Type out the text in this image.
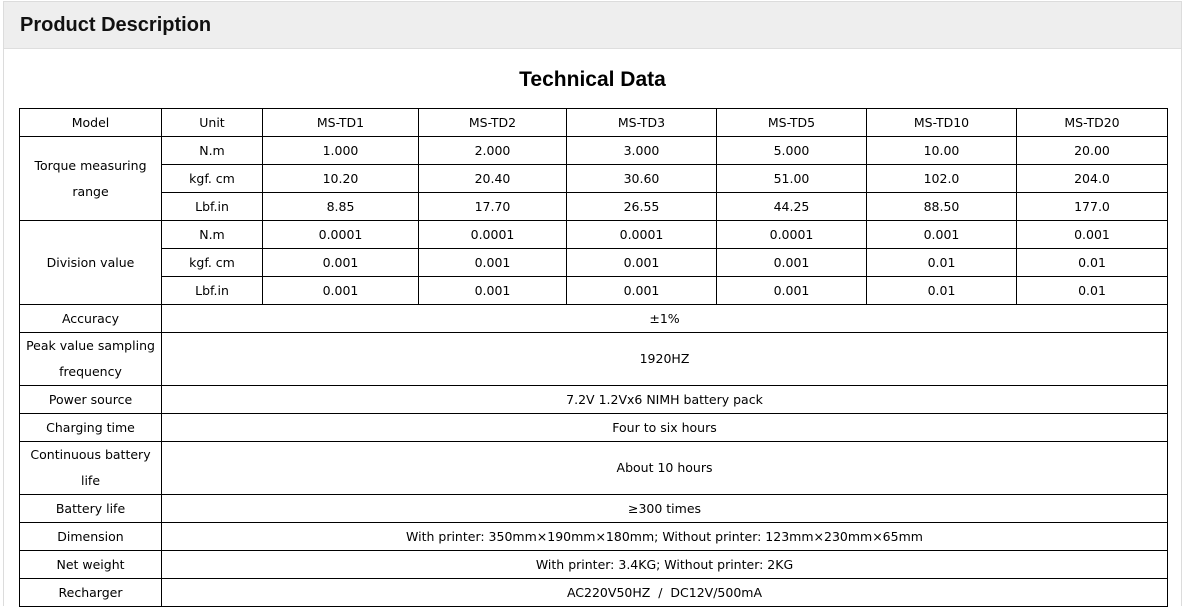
Product Description
Technical Data
Model	Unit	MS-TD1	MS-TD2	MS-TD3	MS-TD5	MS-TD10	MS-TD20
Torque measuring range	N.m	1.000	2.000	3.000	5.000	10.00	20.00
	kgf. cm	10.20	20.40	30.60	51.00	102.0	204.0
	Lbf.in	8.85	17.70	26.55	44.25	88.50	177.0
Division value	N.m	0.0001	0.0001	0.0001	0.0001	0.001	0.001
	kgf. cm	0.001	0.001	0.001	0.001	0.01	0.01
	Lbf.in	0.001	0.001	0.001	0.001	0.01	0.01
Accuracy	±1%						
Peak value sampling frequency	1920HZ						
Power source	7.2V 1.2Vx6 NIMH battery pack						
Charging time	Four to six hours						
Continuous battery life	About 10 hours						
Battery life	≥300 times						
Dimension	With printer: 350mm×190mm×180mm; Without printer: 123mm×230mm×65mm						
Net weight	With printer: 3.4KG; Without printer: 2KG						
Recharger	AC220V50HZ  /  DC12V/500mA						
